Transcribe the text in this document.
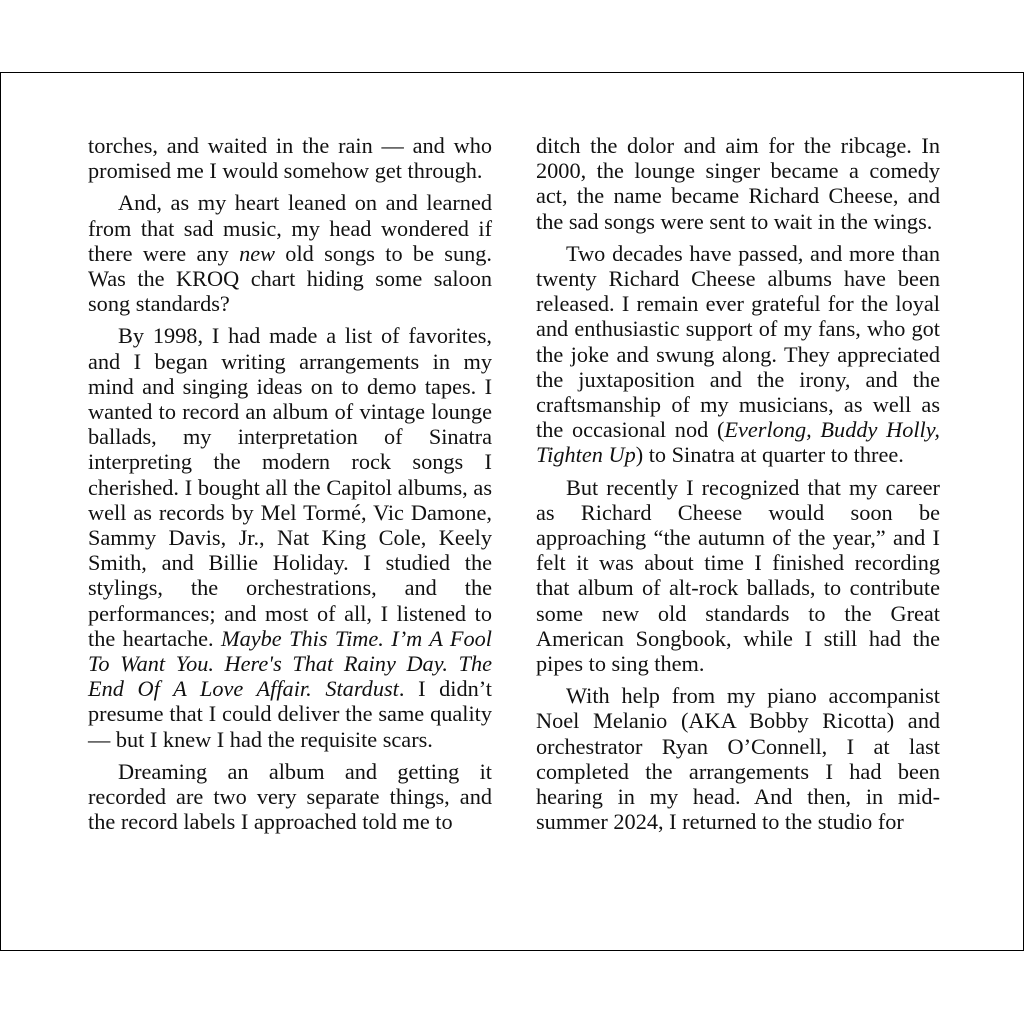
torches, and waited in the rain — and who promised me I would somehow get through.

And, as my heart leaned on and learned from that sad music, my head wondered if there were any new old songs to be sung. Was the KROQ chart hiding some saloon song standards?

By 1998, I had made a list of favorites, and I began writing arrangements in my mind and singing ideas on to demo tapes. I wanted to record an album of vintage lounge ballads, my interpretation of Sinatra interpreting the modern rock songs I cherished. I bought all the Capitol albums, as well as records by Mel Tormé, Vic Damone, Sammy Davis, Jr., Nat King Cole, Keely Smith, and Billie Holiday. I studied the stylings, the orchestrations, and the performances; and most of all, I listened to the heartache. Maybe This Time. I’m A Fool To Want You. Here's That Rainy Day. The End Of A Love Affair. Stardust. I didn’t presume that I could deliver the same quality — but I knew I had the requisite scars.

Dreaming an album and getting it recorded are two very separate things, and the record labels I approached told me to

ditch the dolor and aim for the ribcage. In 2000, the lounge singer became a comedy act, the name became Richard Cheese, and the sad songs were sent to wait in the wings.

Two decades have passed, and more than twenty Richard Cheese albums have been released. I remain ever grateful for the loyal and enthusiastic support of my fans, who got the joke and swung along. They appreciated the juxtaposition and the irony, and the craftsmanship of my musicians, as well as the occasional nod (Everlong, Buddy Holly, Tighten Up) to Sinatra at quarter to three.

But recently I recognized that my career as Richard Cheese would soon be approaching “the autumn of the year,” and I felt it was about time I finished recording that album of alt-rock ballads, to contribute some new old standards to the Great American Songbook, while I still had the pipes to sing them.

With help from my piano accompanist Noel Melanio (AKA Bobby Ricotta) and orchestrator Ryan O’Connell, I at last completed the arrangements I had been hearing in my head. And then, in mid-summer 2024, I returned to the studio for
